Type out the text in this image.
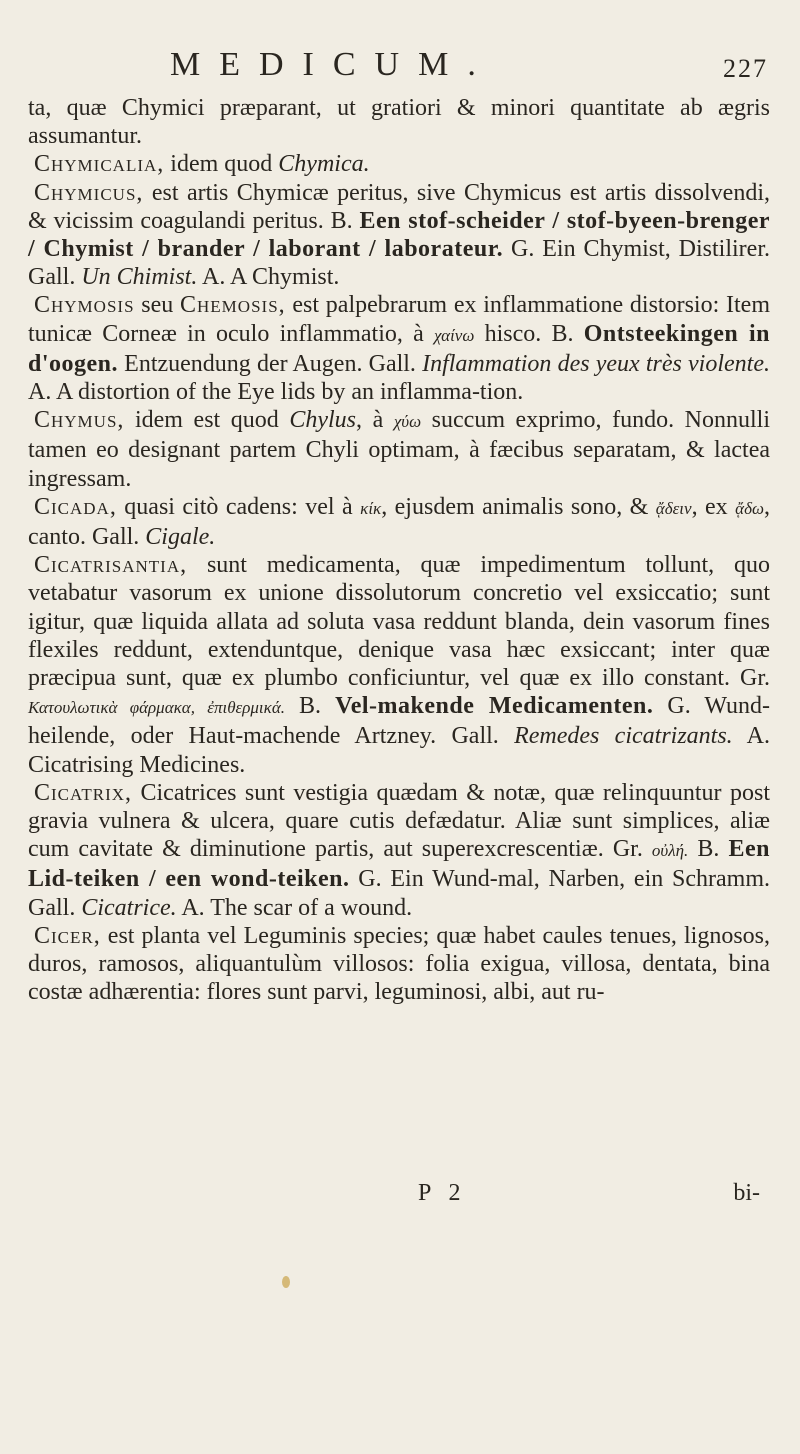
MEDICUM.	227

ta, quæ Chymici præparant, ut gratiori & minori quantitate ab ægris assumantur.

Chymicalia, idem quod Chymica.

Chymicus, est artis Chymicæ peritus, sive Chymicus est artis dissolvendi, & vicissim coagulandi peritus. B. Een stof-scheider / stof-byeen-brenger / Chymist / brander / laborant / laborateur. G. Ein Chymist, Distilirer. Gall. Un Chimist. A. A Chymist.

Chymosis seu Chemosis, est palpebrarum ex inflammatione distorsio: Item tunicæ Corneæ in oculo inflammatio, à χαίνω hisco. B. Ontsteekingen in d'oogen. Entzuendung der Augen. Gall. Inflammation des yeux très violente. A. A distortion of the Eye lids by an inflamma-tion.

Chymus, idem est quod Chylus, à χύω succum exprimo, fundo. Nonnulli tamen eo designant partem Chyli optimam, à fæcibus separatam, & lactea ingressam.

Cicada, quasi citò cadens: vel à κίκ, ejusdem animalis sono, & ᾄδειν, ex ᾄδω, canto. Gall. Cigale.

Cicatrisantia, sunt medicamenta, quæ impedimentum tollunt, quo vetabatur vasorum ex unione dissolutorum concretio vel exsiccatio; sunt igitur, quæ liquida allata ad soluta vasa reddunt blanda, dein vasorum fines flexiles reddunt, extenduntque, denique vasa hæc exsiccant; inter quæ præcipua sunt, quæ ex plumbo conficiuntur, vel quæ ex illo constant. Gr. Κατουλωτικὰ φάρμακα, ἐπιθερμικά. B. Vel-makende Medicamenten. G. Wund-heilende, oder Haut-machende Artzney. Gall. Remedes cicatrizants. A. Cicatrising Medicines.

Cicatrix, Cicatrices sunt vestigia quædam & notæ, quæ relinquuntur post gravia vulnera & ulcera, quare cutis defædatur. Aliæ sunt simplices, aliæ cum cavitate & diminutione partis, aut superexcrescentiæ. Gr. οὐλή. B. Een Lid-teiken / een wond-teiken. G. Ein Wund-mal, Narben, ein Schramm. Gall. Cicatrice. A. The scar of a wound.

Cicer, est planta vel Leguminis species; quæ habet caules tenues, lignosos, duros, ramosos, aliquantulùm villosos: folia exigua, villosa, dentata, bina costæ adhærentia: flores sunt parvi, leguminosi, albi, aut ru-

P 2	bi-
